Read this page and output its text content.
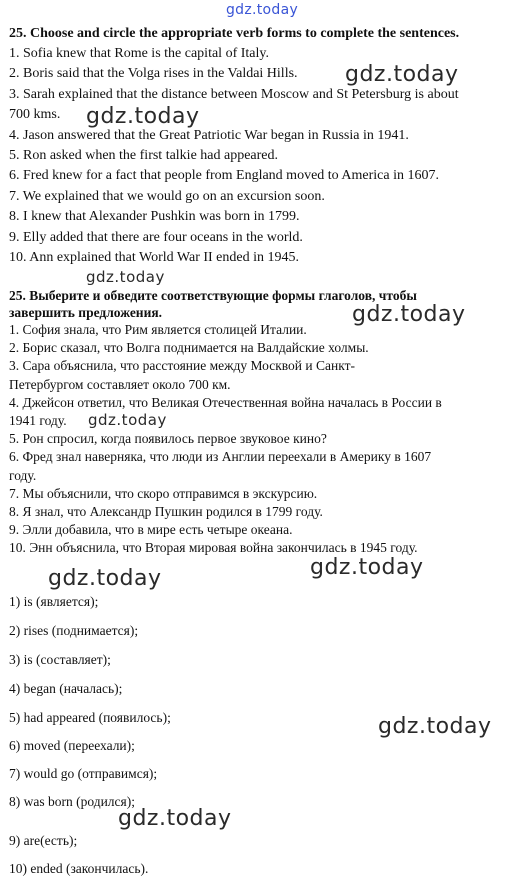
gdz.today

25. Choose and circle the appropriate verb forms to complete the sentences.

1. Sofia knew that Rome is the capital of Italy.

2. Boris said that the Volga rises in the Valdai Hills.

3. Sarah explained that the distance between Moscow and St Petersburg is about

700 kms.

4. Jason answered that the Great Patriotic War began in Russia in 1941.

5. Ron asked when the first talkie had appeared.

6. Fred knew for a fact that people from England moved to America in 1607.

7. We explained that we would go on an excursion soon.

8. I knew that Alexander Pushkin was born in 1799.

9. Elly added that there are four oceans in the world.

10. Ann explained that World War II ended in 1945.

25. Выберите и обведите соответствующие формы глаголов, чтобы

завершить предложения.

1. София знала, что Рим является столицей Италии.

2. Борис сказал, что Волга поднимается на Валдайские холмы.

3. Сара объяснила, что расстояние между Москвой и Санкт-

Петербургом составляет около 700 км.

4. Джейсон ответил, что Великая Отечественная война началась в России в

1941 году.

5. Рон спросил, когда появилось первое звуковое кино?

6. Фред знал наверняка, что люди из Англии переехали в Америку в 1607

году.

7. Мы объяснили, что скоро отправимся в экскурсию.

8. Я знал, что Александр Пушкин родился в 1799 году.

9. Элли добавила, что в мире есть четыре океана.

10. Энн объяснила, что Вторая мировая война закончилась в 1945 году.

1) is (является);
2) rises (поднимается);
3) is (составляет);
4) began (началась);
5) had appeared (появилось);
6) moved (переехали);
7) would go (отправимся);
8) was born (родился);
9) are(есть);
10) ended (закончилась).
gdz.today
gdz.today
gdz.today
gdz.today
gdz.today
gdz.today
gdz.today
gdz.today
gdz.today
